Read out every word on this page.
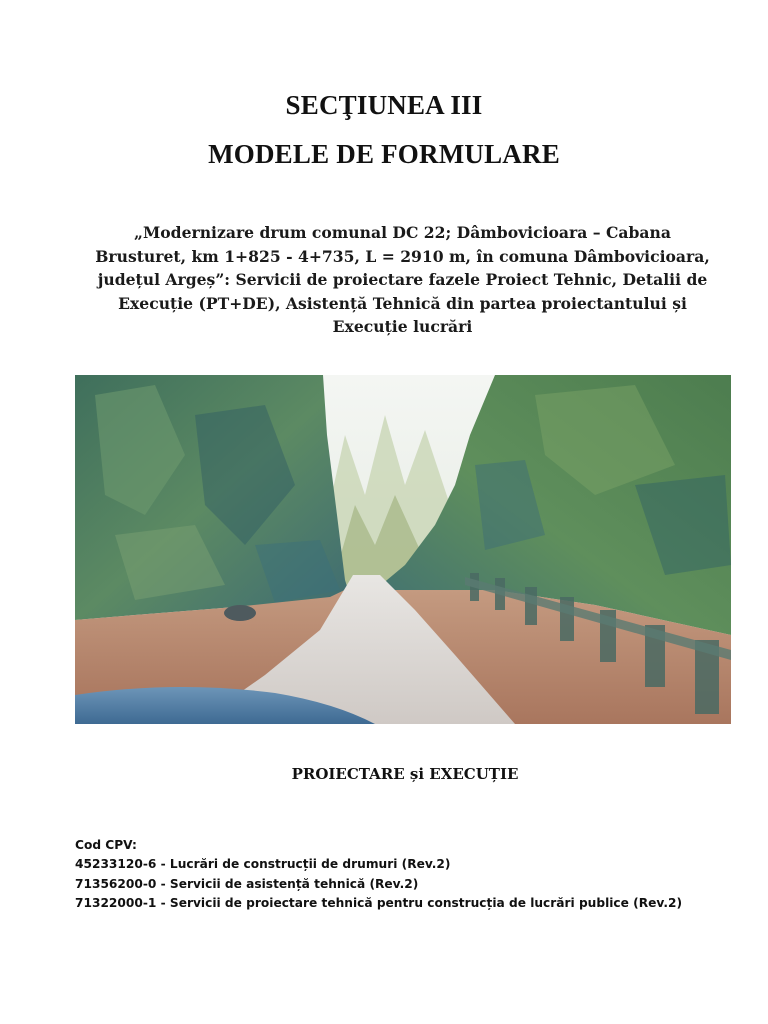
SECŢIUNEA III
MODELE DE FORMULARE
„Modernizare drum comunal DC 22; Dâmbovicioara – Cabana
Brusturet, km 1+825 - 4+735, L = 2910 m, în comuna Dâmbovicioara,
județul Argeș”: Servicii de proiectare fazele Proiect Tehnic, Detalii de
Execuție (PT+DE), Asistență Tehnică din partea proiectantului și
Execuție lucrări
PROIECTARE și EXECUȚIE
Cod CPV:
45233120-6 - Lucrări de construcții de drumuri (Rev.2)
71356200-0 - Servicii de asistență tehnică (Rev.2)
71322000-1 - Servicii de proiectare tehnică pentru construcția de lucrări publice (Rev.2)
